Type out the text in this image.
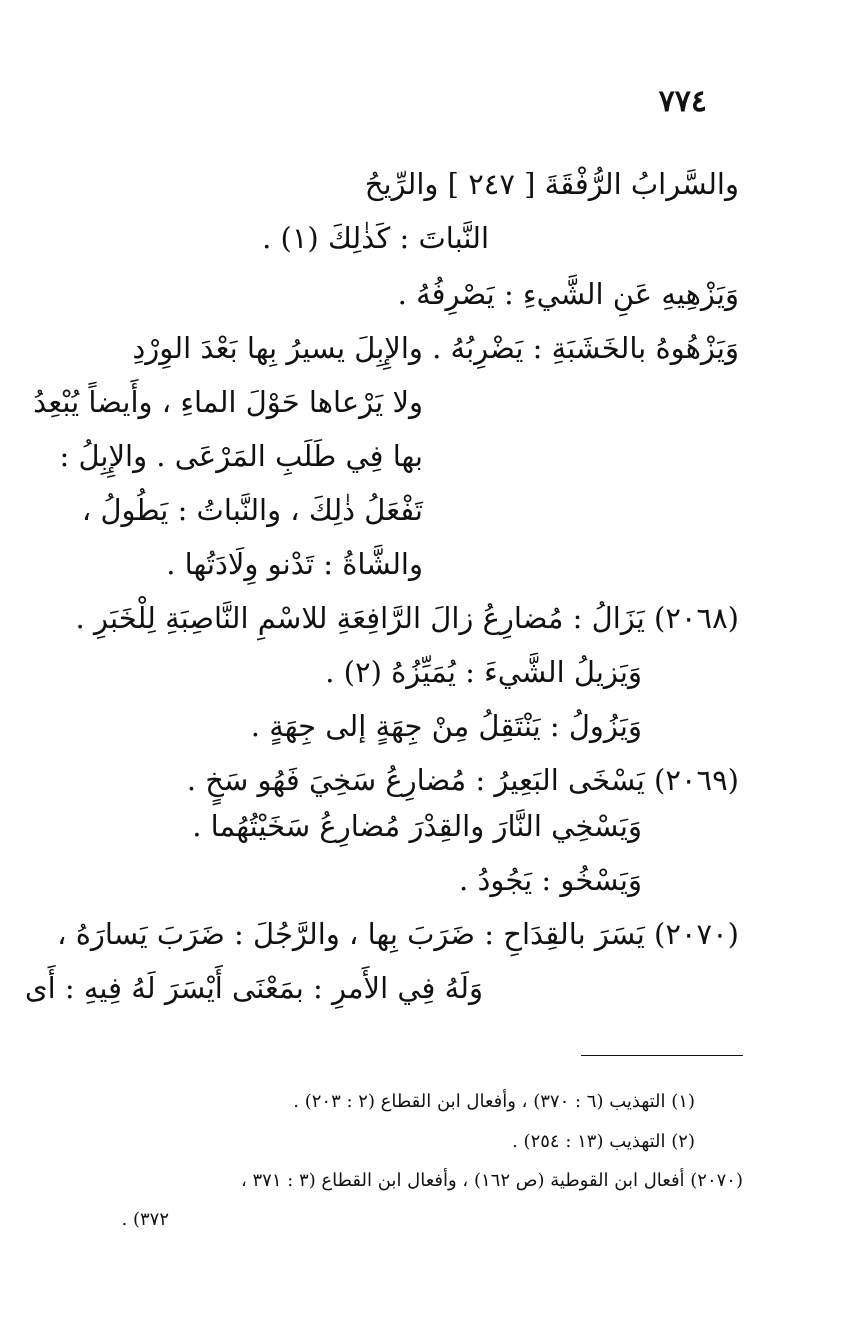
٧٧٤
والسَّرابُ الرُّفْقَةَ [ ٢٤٧ ] والرِّيحُ
النَّباتَ : كَذٰلِكَ (١) .
وَيَزْهِيهِ عَنِ الشَّيءِ : يَصْرِفُهُ .
وَيَزْهُوهُ بالخَشَبَةِ : يَضْرِبُهُ . والإِبِلَ يسيرُ بِها بَعْدَ الوِرْدِ
ولا يَرْعاها حَوْلَ الماءِ ، وأَيضاً يُبْعِدُ
بها فِي طَلَبِ المَرْعَى . والإِبِلُ :
تَفْعَلُ ذٰلِكَ ، والنَّباتُ : يَطُولُ ،
والشَّاةُ : تَدْنو وِلَادَتُها .
(٢٠٦٨) يَزَالُ : مُضارِعُ زالَ الرَّافِعَةِ للاسْمِ النَّاصِبَةِ لِلْخَبَرِ .
وَيَزيلُ الشَّيءَ : يُمَيِّزُهُ (٢) .
وَيَزُولُ : يَنْتَقِلُ مِنْ جِهَةٍ إلى جِهَةٍ .
(٢٠٦٩) يَسْخَى البَعِيرُ : مُضارِعُ سَخِيَ فَهُو سَخٍ .
وَيَسْخِي النَّارَ والقِدْرَ مُضارِعُ سَخَيْتُهُما .
وَيَسْخُو : يَجُودُ .
(٢٠٧٠) يَسَرَ بالقِدَاحِ : ضَرَبَ بِها ، والرَّجُلَ : ضَرَبَ يَسارَهُ ،
وَلَهُ فِي الأَمرِ : بمَعْنَى أَيْسَرَ لَهُ فِيهِ : أَى
(١) التهذيب (٦ : ٣٧٠) ، وأفعال ابن القطاع (٢ : ٢٠٣) .
(٢) التهذيب (١٣ : ٢٥٤) .
(٢٠٧٠) أفعال ابن القوطية (ص ١٦٢) ، وأفعال ابن القطاع (٣ : ٣٧١ ،
٣٧٢) .
